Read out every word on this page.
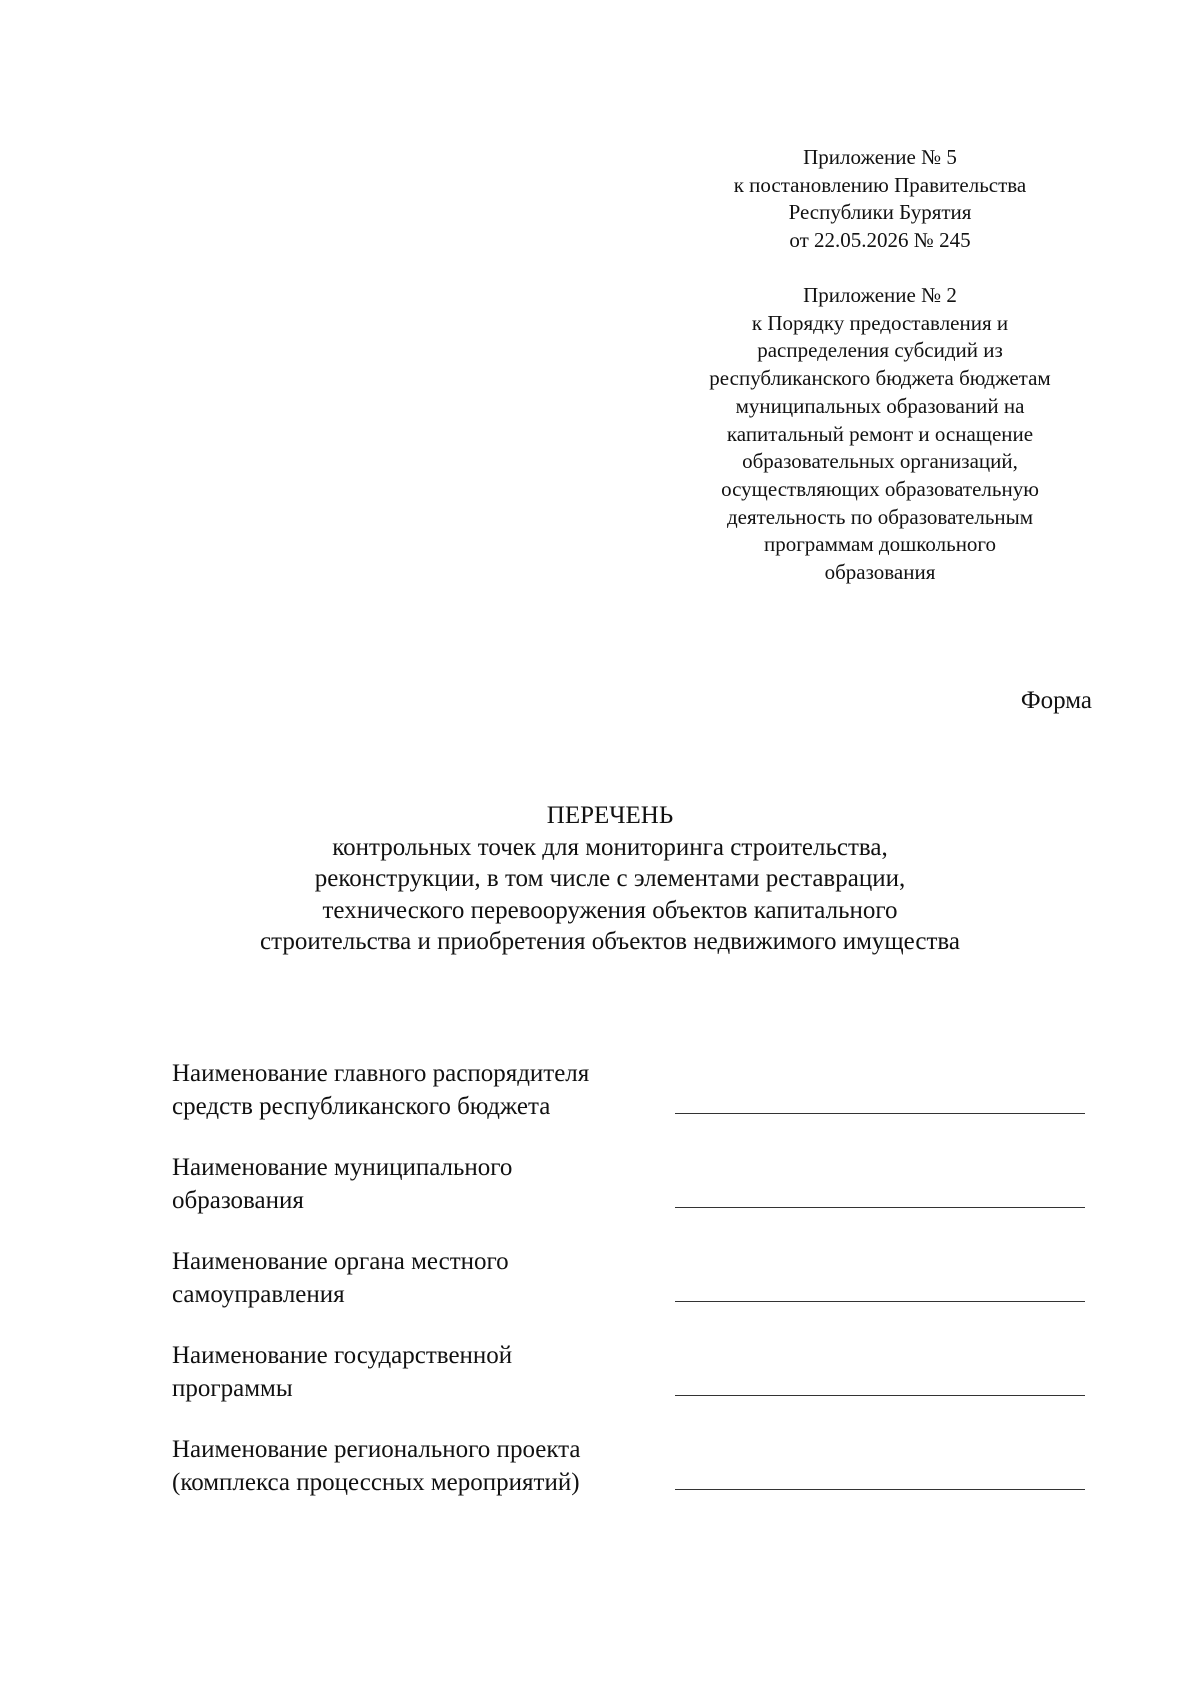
Приложение № 5
к постановлению Правительства
Республики Бурятия
от 22.05.2026 № 245
Приложение № 2
к Порядку предоставления и
распределения субсидий из
республиканского бюджета бюджетам
муниципальных образований на
капитальный ремонт и оснащение
образовательных организаций,
осуществляющих образовательную
деятельность по образовательным
программам дошкольного
образования
Форма
ПЕРЕЧЕНЬ
контрольных точек для мониторинга строительства,
реконструкции, в том числе с элементами реставрации,
технического перевооружения объектов капитального
строительства и приобретения объектов недвижимого имущества
Наименование главного распорядителя
средств республиканского бюджета
Наименование муниципального
образования
Наименование органа местного
самоуправления
Наименование государственной
программы
Наименование регионального проекта
(комплекса процессных мероприятий)
